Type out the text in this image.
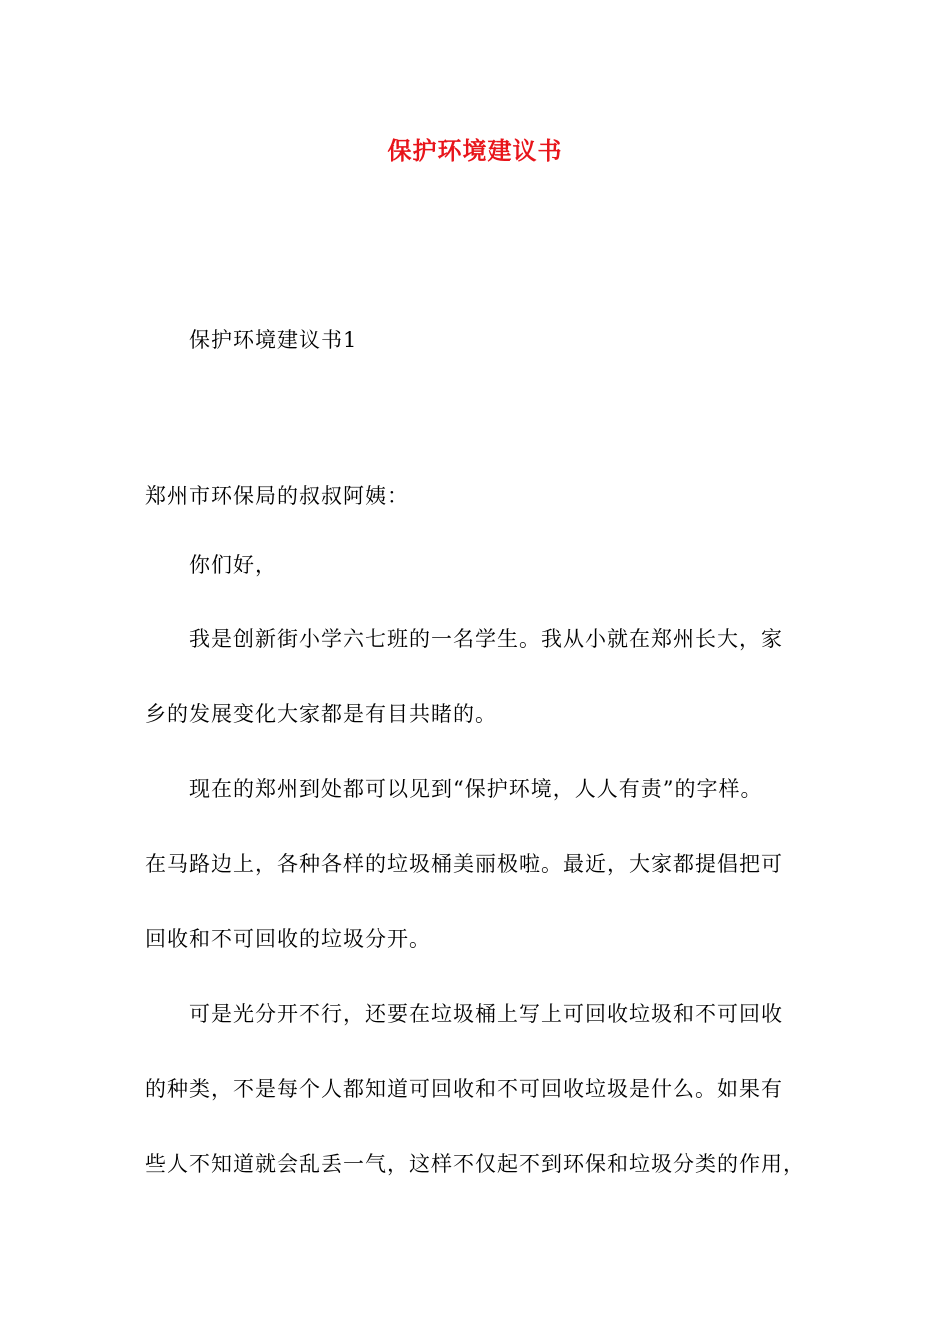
保护环境建议书
保护环境建议书1
郑州市环保局的叔叔阿姨：
你们好，
我是创新街小学六七班的一名学生。我从小就在郑州长大，家
乡的发展变化大家都是有目共睹的。
现在的郑州到处都可以见到“保护环境，人人有责”的字样。
在马路边上，各种各样的垃圾桶美丽极啦。最近，大家都提倡把可
回收和不可回收的垃圾分开。
可是光分开不行，还要在垃圾桶上写上可回收垃圾和不可回收
的种类，不是每个人都知道可回收和不可回收垃圾是什么。如果有
些人不知道就会乱丢一气，这样不仅起不到环保和垃圾分类的作用，
